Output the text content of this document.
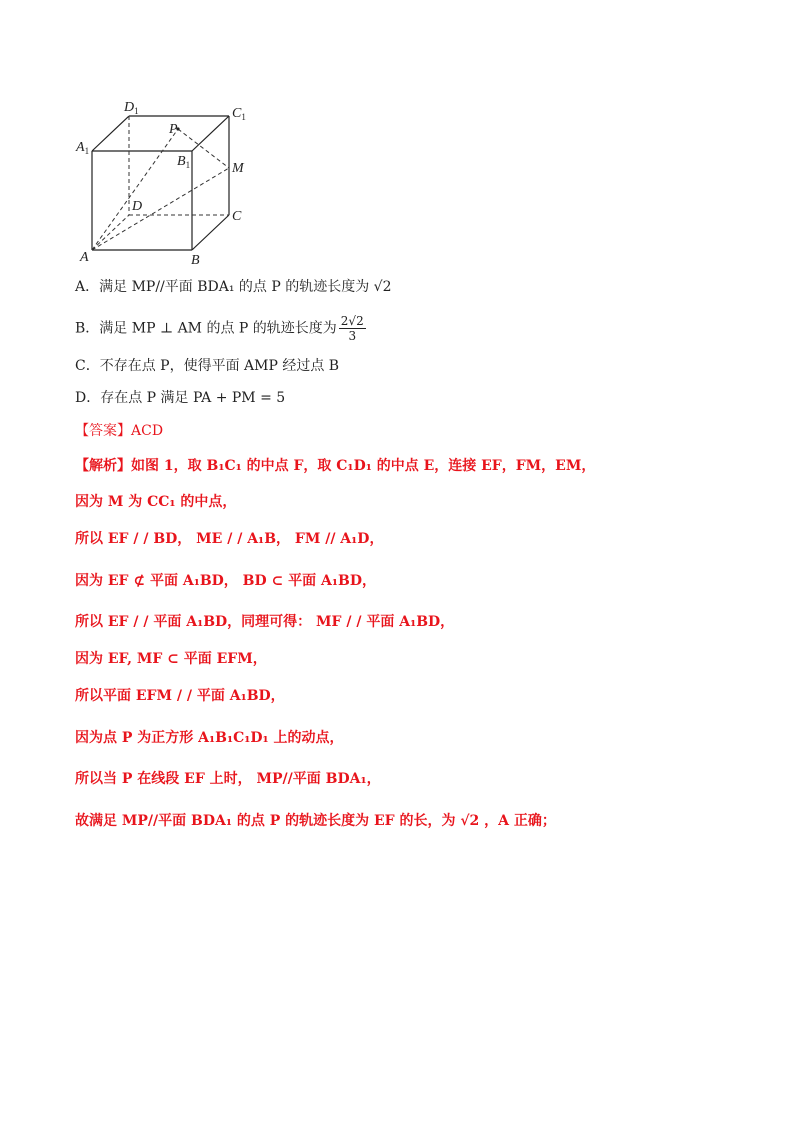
$D_1$	$C_1$
$A_1$
$B_1$
P
M
D
C
A	B
A．满足 MP//平面 BDA₁ 的点 P 的轨迹长度为 √2
B．满足 MP ⊥ AM 的点 P 的轨迹长度为 $\frac{2√2}{3}$
C．不存在点 P，使得平面 AMP 经过点 B
D．存在点 P 满足 PA + PM = 5
【答案】ACD
【解析】如图 1，取 B₁C₁ 的中点 F，取 C₁D₁ 的中点 E，连接 EF，FM，EM，
因为 M 为 CC₁ 的中点，
所以 EF / / BD， ME / / A₁B， FM // A₁D，
因为 EF ⊄ 平面 A₁BD， BD ⊂ 平面 A₁BD，
所以 EF / / 平面 A₁BD，同理可得： MF / / 平面 A₁BD，
因为 EF, MF ⊂ 平面 EFM，
所以平面 EFM / / 平面 A₁BD，
因为点 P 为正方形 A₁B₁C₁D₁ 上的动点，
所以当 P 在线段 EF 上时， MP//平面 BDA₁，
故满足 MP//平面 BDA₁ 的点 P 的轨迹长度为 EF 的长，为 √2 ，A 正确；
